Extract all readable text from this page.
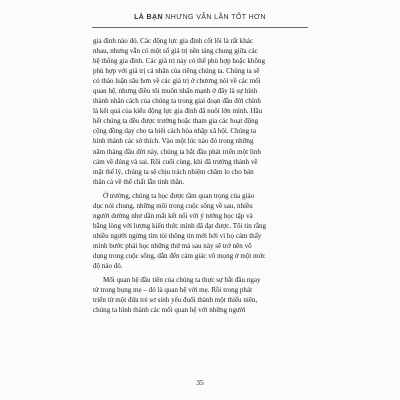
LÀ BẠN NHƯNG VẪN LẦN TỐT HƠN
gia đình nào đó. Các động lực gia đình cốt lõi là rất khác
nhau, nhưng vẫn có một số giá trị nền tảng chung giữa các
hệ thống gia đình. Các giá trị này có thể phù hợp hoặc không
phù hợp với giá trị cá nhân của riêng chúng ta. Chúng ta sẽ
có thảo luận sâu hơn về các giá trị ở chương nói về các mối
quan hệ, nhưng điều tôi muốn nhấn mạnh ở đây là sự hình
thành nhân cách của chúng ta trong giai đoạn đầu đời chính
là kết quả của kiểu động lực gia đình đã nuôi lớn mình. Hầu
hết chúng ta đều được trường hoặc tham gia các hoạt động
cộng đồng dạy cho ta biết cách hòa nhập xã hội. Chúng ta
hình thành các sở thích. Vào một lúc nào đó trong những
năm tháng đầu đời này, chúng ta bắt đầu phát triển một linh
cảm về đúng và sai. Rồi cuối cùng, khi đã trưởng thành về
mặt thể lý, chúng ta sẽ chịu trách nhiệm chăm lo cho bản
thân cả về thể chất lẫn tinh thần.
Ở trường, chúng ta học được tầm quan trọng của giáo
dục nói chung, những môi trong cuộc sống về sau, nhiều
người dường như dần mất kết nối với ý tưởng học tập và
bằng lòng với lượng kiến thức mình đã đạt được. Tôi tin rằng
nhiều người ngừng tìm tòi thông tin mới bởi vì họ cảm thấy
mình bước phải học những thứ mà sau này sẽ trở nên vô
dụng trong cuộc sống, dẫn đến cảm giác vô mọng ở một mức
độ nào đó.
Mối quan hệ đầu tiên của chúng ta thực sự bắt đầu ngay
từ trong bụng mẹ – đó là quan hệ với mẹ. Rồi trong phát
triển từ một đứa trẻ sơ sinh yếu đuối thành một thiếu niên,
chúng ta hình thành các mối quan hệ với những người
35
